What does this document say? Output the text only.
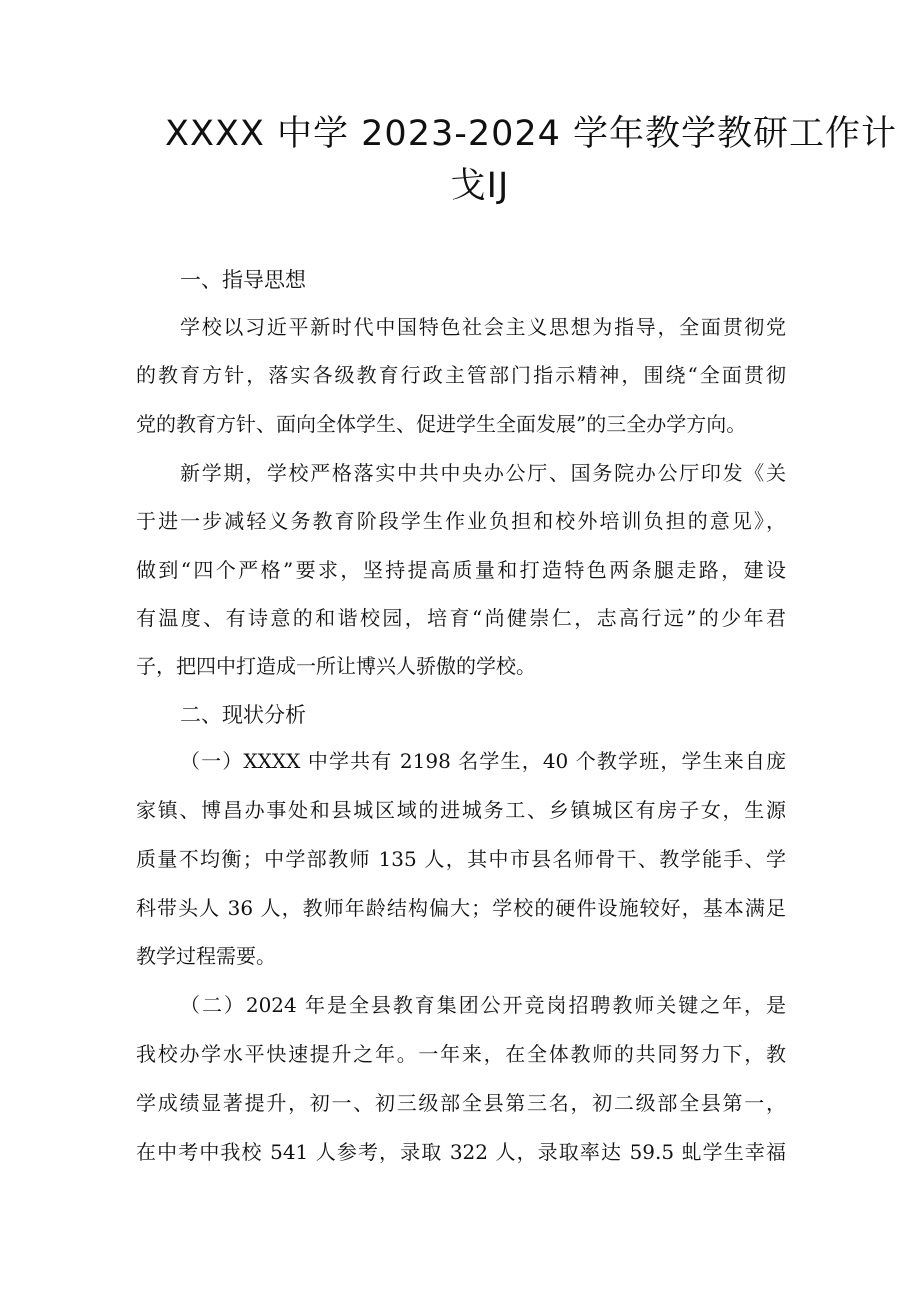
XXXX 中学 2023-2024 学年教学教研工作计
戈IJ
一、指导思想
学校以习近平新时代中国特色社会主义思想为指导，全面贯彻党
的教育方针，落实各级教育行政主管部门指示精神，围绕“全面贯彻
党的教育方针、面向全体学生、促进学生全面发展”的三全办学方向。
新学期，学校严格落实中共中央办公厅、国务院办公厅印发《关
于进一步减轻义务教育阶段学生作业负担和校外培训负担的意见》，
做到“四个严格”要求，坚持提高质量和打造特色两条腿走路，建设
有温度、有诗意的和谐校园，培育“尚健崇仁，志高行远”的少年君
子，把四中打造成一所让博兴人骄傲的学校。
二、现状分析
（一）XXXX 中学共有 2198 名学生，40 个教学班，学生来自庞
家镇、博昌办事处和县城区域的进城务工、乡镇城区有房子女，生源
质量不均衡；中学部教师 135 人，其中市县名师骨干、教学能手、学
科带头人 36 人，教师年龄结构偏大；学校的硬件设施较好，基本满足
教学过程需要。
（二）2024 年是全县教育集团公开竞岗招聘教师关键之年，是
我校办学水平快速提升之年。一年来，在全体教师的共同努力下，教
学成绩显著提升，初一、初三级部全县第三名，初二级部全县第一，
在中考中我校 541 人参考，录取 322 人，录取率达 59.5 虬学生幸福
